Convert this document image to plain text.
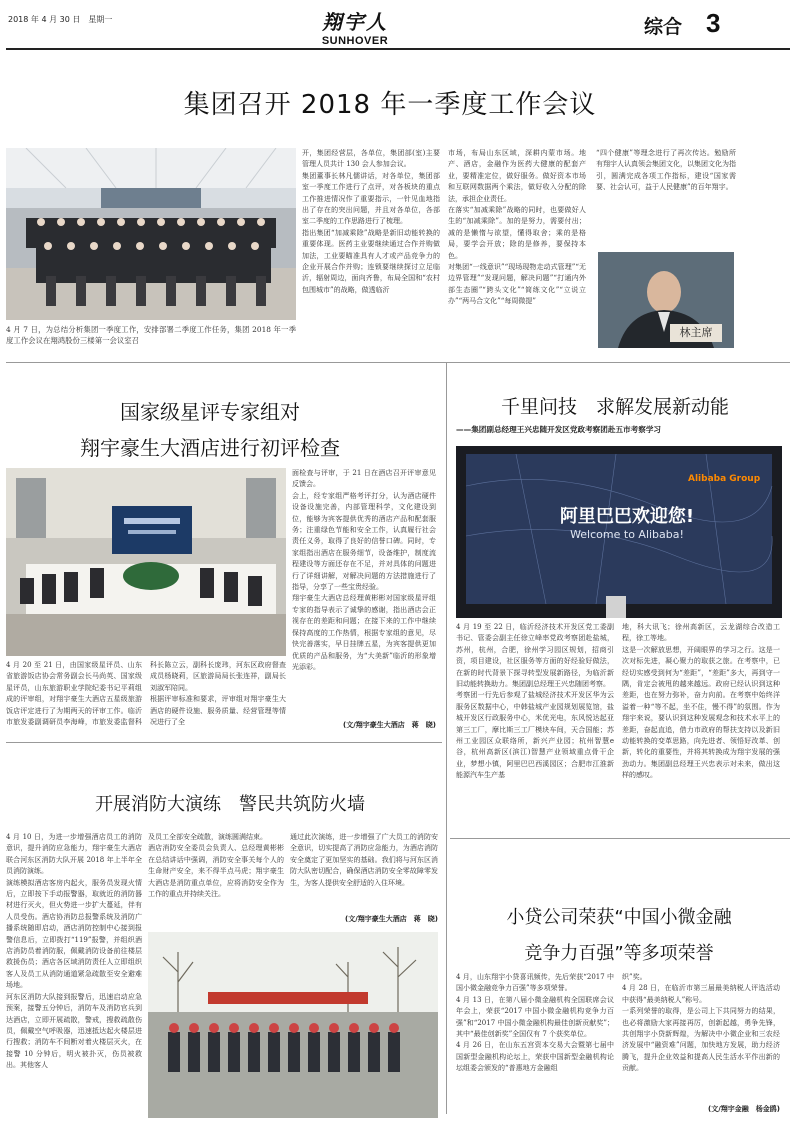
2018 年 4 月 30 日　星期一	翔宇人
SUNHOVER
综合 3
集团召开 2018 年一季度工作会议
4 月 7 日，为总结分析集团一季度工作，安排部署二季度工作任务，集团 2018 年一季度工作会议在翔鸿股份三楼第一会议室召

开，集团经营层，各单位，集团部(室)主要管理人员共计 130 会人参加会议。
集团董事长林凡儒讲话，对各单位，集团部室一季度工作进行了点评，对各板块的重点工作推进情况作了重要指示，一针见血地指出了存在的突出问题，并且对各单位，各部室二季度的工作思路进行了梳理。
指出集团“加减乘除”战略是新旧动能转换的重要体现。医药主业要继续通过合作并购做加法，工业要瞄准具有人才或产品竞争力的企业开展合作并购；连锁要继续探讨立足临沂，辐射周边，面向齐鲁，布局全国和“农村包围城市”的战略，做透临沂

市场，布局山东区域，深耕内蒙市场。地产、酒店，金融作为医药大健康的配套产业，要精准定位，做好服务。做好资本市场和互联网数据两个乘法，做好收入分配的除法，承担企业责任。
在落实“加减乘除”战略的同时，也要做好人生的“加减乘除”。加的是努力，需要付出；减的是懒惰与欲望，懂得取舍；乘的是格局，要学会开放；除的是修养，要保持本色。
对集团“一线意识”“现场现物走动式管理”“无边界管理”“发现问题，解决问题”“打通内外部生态圈”“跨头文化”“简练文化”“立说立办”“两马合文化”“每周微提”

“四个健康”等理念进行了再次传达。勉励所有翔宇人认真领会集团文化，以集团文化为指引，圆满完成各项工作指标，建设“国家需要、社会认可，益于人民健康”的百年翔宇。

林主席
国家级星评专家组对
翔宇豪生大酒店进行初评检查

4 月 20 至 21 日，由国家级星评员、山东省旅游饭店协会常务副会长马尚英、国家级星评员，山东旅游职业学院纪委书记平莉组成的评审组，对翔宇豪生大酒店五星级旅游饭店评定进行了为期两天的评审工作。临沂市旅发委副调研员李海峰，市旅发委监督科科长陈立云，副科长庞玮，河东区政府督查成员杨晓莉，区旅游局局长张连祥，副局长刘淑军陪同。
根据评审标准和要求，评审组对翔宇豪生大酒店的硬件设施、服务质量、经营管理等情况进行了全

面检查与评审，于 21 日在酒店召开评审意见反馈会。
会上，经专家组严格考评打分，认为酒店硬件设备设施完善，内部管理科学，文化建设到位，能够为宾客提供优秀的酒店产品和配套服务；注重绿色节能和安全工作，认真履行社会责任义务，取得了良好的信誉口碑。同时，专家组指出酒店在服务细节，设备维护，制度流程建设等方面还存在不足，并对具体的问题进行了详细讲解，对解决问题的方法措施进行了指导，分享了一些宝贵经验。
翔宇豪生大酒店总经理黄彬彬对国家级星评组专家的指导表示了诚挚的感谢，指出酒店会正视存在的差距和问题；在接下来的工作中继续保持高度的工作热情，根据专家组的意见，尽快完善落实，早日挂牌五星，为宾客提供更加优质的产品和服务，为“大美新”临沂的形象增光添彩。

(文/翔宇豪生大酒店　蒋　晓)
千里问技　求解发展新动能
——集团副总经理王兴忠随开发区党政考察团赴五市考察学习
Alibaba Group
阿里巴巴欢迎您!
Welcome to Alibaba!

4 月 19 至 22 日，临沂经济技术开发区党工委副书记、管委会副主任徐立峰率党政考察团赴盐城，苏州，杭州，合肥，徐州学习园区规划，招商引资，项目建设，社区服务等方面的好经验好做法，在新的时代背景下探寻转型发展新路径，为临沂新旧动能转换助力。集团副总经理王兴忠随团考察。
考察团一行先后参观了盐城经济技术开发区华为云服务区数据中心，中韩盐城产业园规划展览馆，盐城开发区行政服务中心，米优光电，东风悦达起亚第三工厂，摩比斯三工厂模块车间，天合国能；苏州工业园区众联络所，新兴产业园；杭州智慧e谷，杭州高新区(滨江)智慧产业领域重点骨干企业，梦想小镇，阿里巴巴西溪园区；合肥市江淮新能源汽车生产基

地，科大讯飞；徐州高新区，云龙湖综合改造工程，徐工等地。
这是一次解放思想，开阔眼界的学习之行。这是一次对标先进，凝心聚力的取获之旅。在考察中，已经切实感受到何为“差距”，“差距”多大，再到守一隅，肯定会被甩的越来越远。政府已经认识到这种差距，也在努力弥补，奋力向前。在考察中始终洋溢着一种“等不起，坐不住，慢不得”的氛围。作为翔宇来说，要认识到这种发展观念和技术水平上的差距，奋起直追，借力市政府的帮扶支持以及新旧动能转换的变革思路，向先进者、领悟好改革、创新，转化的重要性，并将其转换成为翔宇发展的强劲动力。集团副总经理王兴忠表示对未来，做出这样的感叹。

开展消防大演练　警民共筑防火墙

4 月 10 日，为进一步增强酒店员工的消防意识，提升消防应急能力，翔宇豪生大酒店联合河东区消防大队开展 2018 年上半年全员消防演练。
演练模拟酒店客房内起火，服务员发现火情后，立即按下手动报警器，取就近的消防器材进行灭火，但火势进一步扩大蔓延，伴有人员受伤。酒店协消防总报警系统及消防广播系统随即启动，酒店消防控制中心接到报警信息后，立即拨打“119”报警，并组织酒店消防员着消防服，佩戴消防设备前往楼层救援伤员；酒店各区域消防责任人立即组织客人及员工从消防通道紧急疏散至安全避难场地。
河东区消防大队接到报警后，迅速启动应急预案，接警五分钟后，消防车及消防官兵到达酒店，立即开展疏散，警戒，搜救疏散伤员，佩戴空气呼吸器，迅速抵达起火楼层进行搜救；消防车不间断对着火楼层灭火，在接警 10 分钟后，明火被扑灭，伤员被救出。其他客人

及员工全部安全疏散，演练圆满结束。
酒店消防安全委员会负责人、总经理黄彬彬在总结讲话中强调，消防安全事关每个人的生命财产安全，来不得半点马虎；翔宇豪生大酒店是消防重点单位，应将消防安全作为工作的重点并持续关注。

通过此次演练，进一步增强了广大员工的消防安全意识，切实提高了消防应急能力，为酒店消防安全奠定了更加坚实的基础。我们将与河东区消防大队密切配合，确保酒店消防安全零故障零发生，为客人提供安全舒适的入住环境。

(文/翔宇豪生大酒店　蒋　晓)	小贷公司荣获“中国小微金融
竞争力百强”等多项荣誉

4 月，山东翔宇小贷喜讯频传，先后荣获“2017 中国小微金融竞争力百强”等多项荣誉。
4 月 13 日，在第八届小微金融机构全国联席会议年会上，荣获“2017 中国小微金融机构竞争力百强”和“2017 中国小微金融机构最佳创新贡献奖”；其中“最佳创新奖”全国仅有 7 个获奖单位。
4 月 26 日，在山东五宫资本交易大会暨第七届中国新型金融机构论坛上，荣获中国新型金融机构论坛组委会颁发的“普惠地方金融组

织”奖。
4 月 28 日，在临沂市第三届最美纳税人评选活动中获得“最美纳税人”称号。
一系列荣誉的取得，是公司上下共同努力的结果，也必将激励大家再接再厉，创新起越，勇争先锋，共创翔宇小贷新辉煌，为解决中小微企业和三农经济发展中“融资难”问题，加快地方发展，助力经济腾飞，提升企业效益和提高人民生活水平作出新的贡献。

(文/翔宇金融　杨金鸥)
